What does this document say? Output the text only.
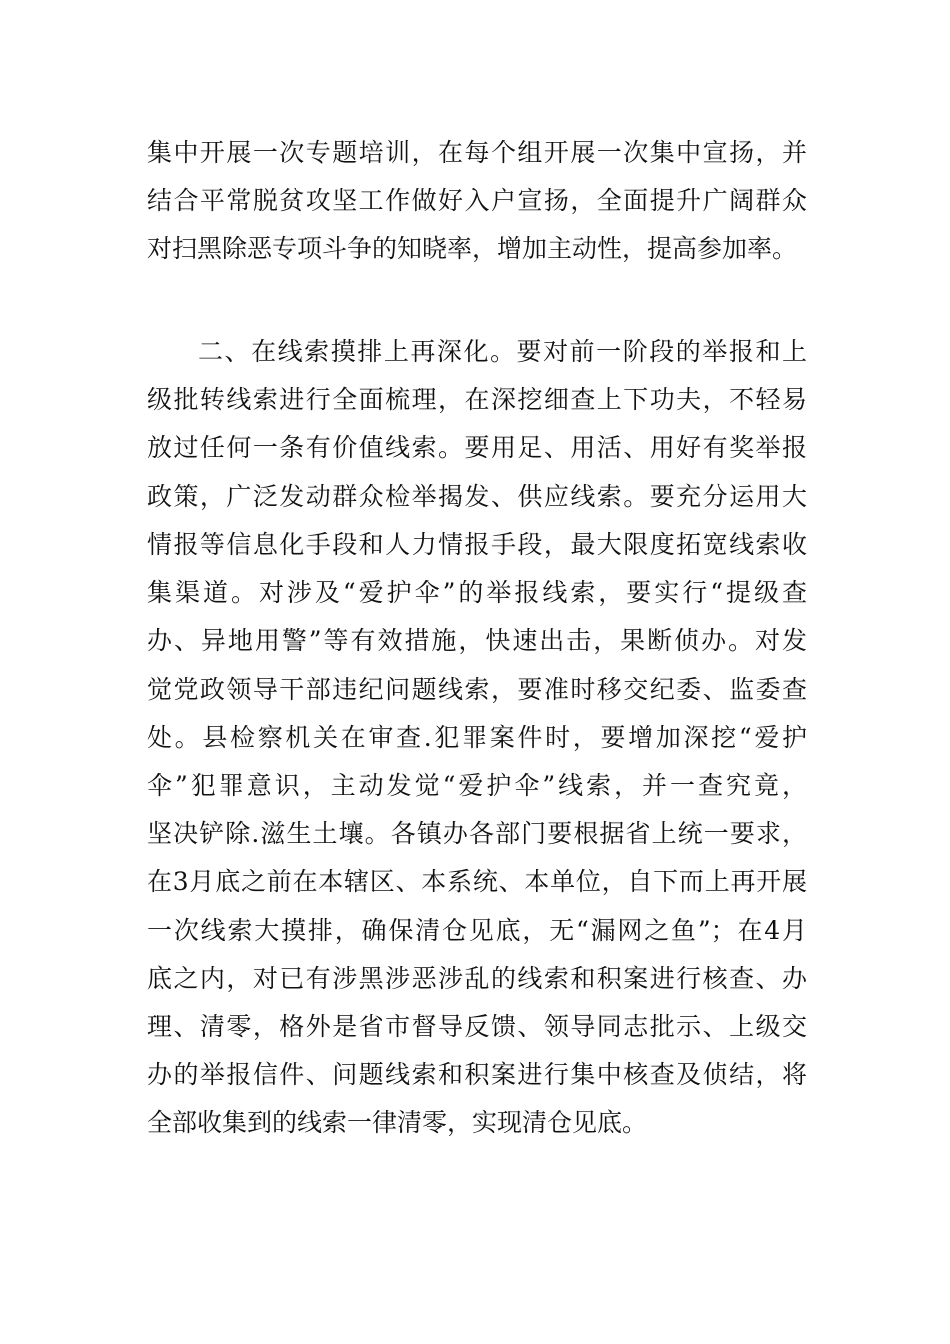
集中开展一次专题培训，在每个组开展一次集中宣扬，并

结合平常脱贫攻坚工作做好入户宣扬，全面提升广阔群众

对扫黑除恶专项斗争的知晓率，增加主动性，提高参加率。

二、在线索摸排上再深化。要对前一阶段的举报和上

级批转线索进行全面梳理，在深挖细查上下功夫，不轻易

放过任何一条有价值线索。要用足、用活、用好有奖举报

政策，广泛发动群众检举揭发、供应线索。要充分运用大

情报等信息化手段和人力情报手段，最大限度拓宽线索收

集渠道。对涉及“爱护伞”的举报线索，要实行“提级查

办、异地用警”等有效措施，快速出击，果断侦办。对发

觉党政领导干部违纪问题线索，要准时移交纪委、监委查

处。县检察机关在审查.犯罪案件时，要增加深挖“爱护

伞”犯罪意识，主动发觉“爱护伞”线索，并一查究竟，

坚决铲除.滋生土壤。各镇办各部门要根据省上统一要求，

在3月底之前在本辖区、本系统、本单位，自下而上再开展

一次线索大摸排，确保清仓见底，无“漏网之鱼”；在4月

底之内，对已有涉黑涉恶涉乱的线索和积案进行核查、办

理、清零，格外是省市督导反馈、领导同志批示、上级交

办的举报信件、问题线索和积案进行集中核查及侦结，将

全部收集到的线索一律清零，实现清仓见底。
